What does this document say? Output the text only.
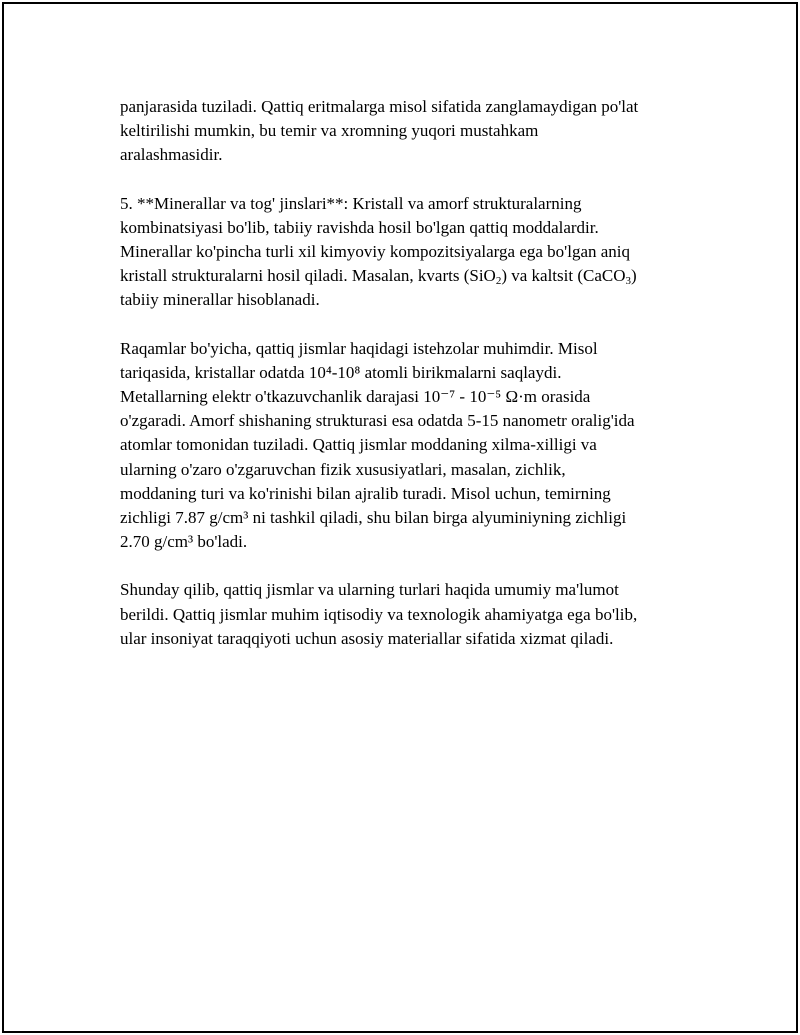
panjarasida tuziladi. Qattiq eritmalarga misol sifatida zanglamaydigan po'lat
keltirilishi mumkin, bu temir va xromning yuqori mustahkam
aralashmasidir.

5. **Minerallar va tog' jinslari**: Kristall va amorf strukturalarning
kombinatsiyasi bo'lib, tabiiy ravishda hosil bo'lgan qattiq moddalardir.
Minerallar ko'pincha turli xil kimyoviy kompozitsiyalarga ega bo'lgan aniq
kristall strukturalarni hosil qiladi. Masalan, kvarts (SiO$_2$) va kaltsit (CaCO$_3$)
tabiiy minerallar hisoblanadi.

Raqamlar bo'yicha, qattiq jismlar haqidagi istehzolar muhimdir. Misol
tariqasida, kristallar odatda 10⁴-10⁸ atomli birikmalarni saqlaydi.
Metallarning elektr o'tkazuvchanlik darajasi 10⁻⁷ - 10⁻⁵ Ω·m orasida
o'zgaradi. Amorf shishaning strukturasi esa odatda 5-15 nanometr oralig'ida
atomlar tomonidan tuziladi. Qattiq jismlar moddaning xilma-xilligi va
ularning o'zaro o'zgaruvchan fizik xususiyatlari, masalan, zichlik,
moddaning turi va ko'rinishi bilan ajralib turadi. Misol uchun, temirning
zichligi 7.87 g/cm³ ni tashkil qiladi, shu bilan birga alyuminiyning zichligi
2.70 g/cm³ bo'ladi.

Shunday qilib, qattiq jismlar va ularning turlari haqida umumiy ma'lumot
berildi. Qattiq jismlar muhim iqtisodiy va texnologik ahamiyatga ega bo'lib,
ular insoniyat taraqqiyoti uchun asosiy materiallar sifatida xizmat qiladi.
